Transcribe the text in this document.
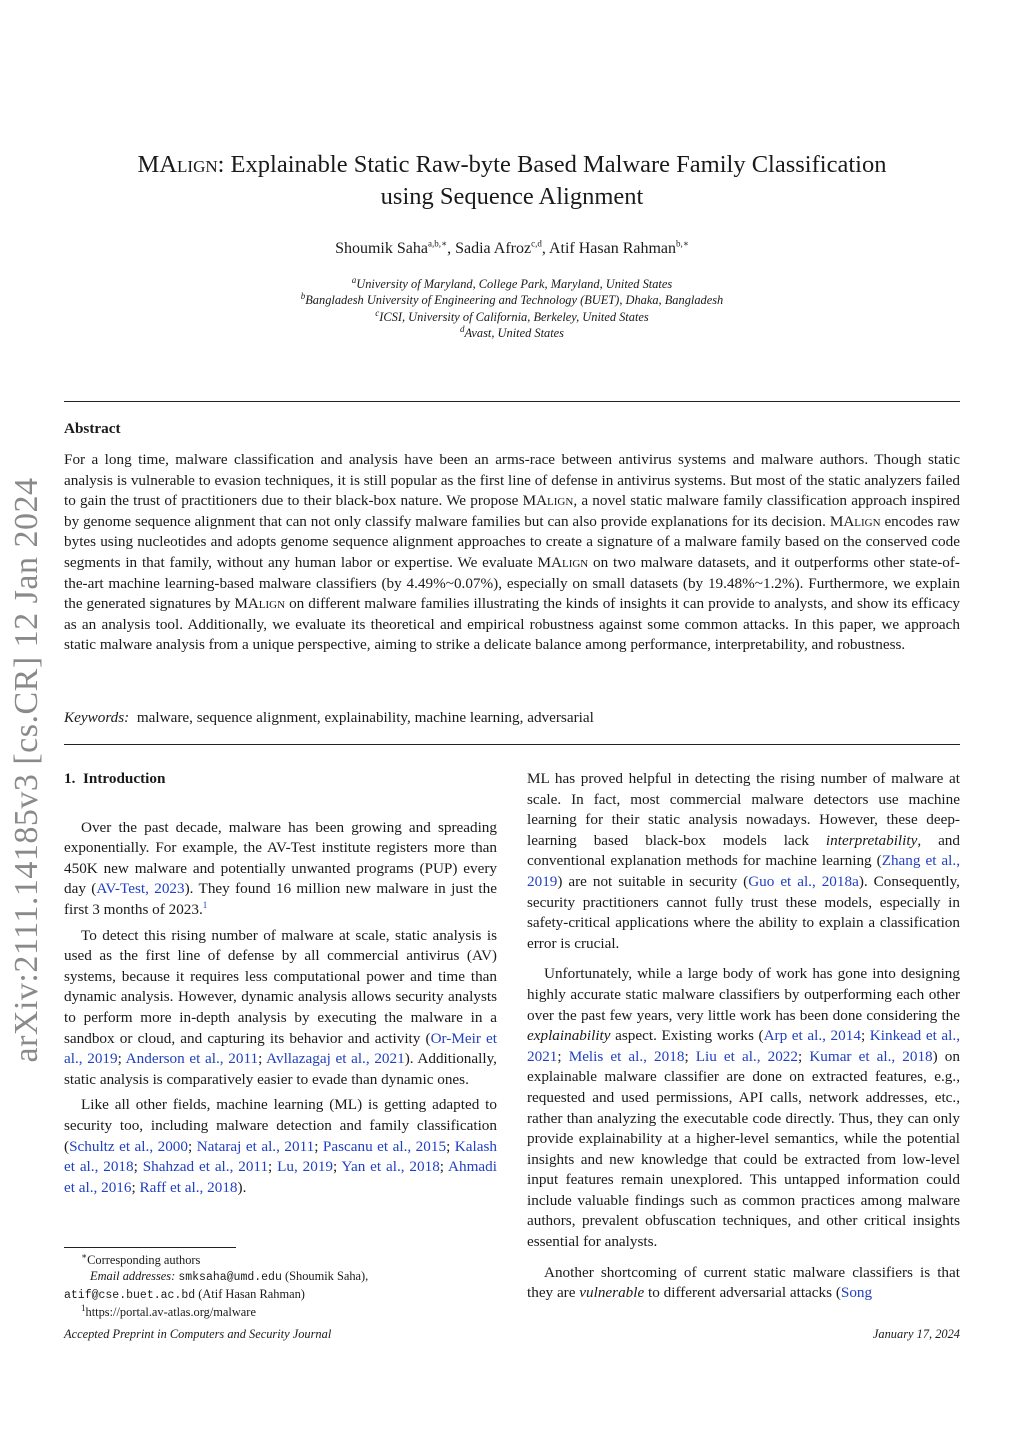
arXiv:2111.14185v3 [cs.CR] 12 Jan 2024
MAlign: Explainable Static Raw-byte Based Malware Family Classification
using Sequence Alignment
Shoumik Saha$^{a,b,∗}$, Sadia Afroz$^{c,d}$, Atif Hasan Rahman$^{b,∗}$
$^a$University of Maryland, College Park, Maryland, United States
$^b$Bangladesh University of Engineering and Technology (BUET), Dhaka, Bangladesh
$^c$ICSI, University of California, Berkeley, United States
$^d$Avast, United States
Abstract
For a long time, malware classification and analysis have been an arms-race between antivirus systems and malware authors. Though static analysis is vulnerable to evasion techniques, it is still popular as the first line of defense in antivirus systems. But most of the static analyzers failed to gain the trust of practitioners due to their black-box nature. We propose MAlign, a novel static malware family classification approach inspired by genome sequence alignment that can not only classify malware families but can also provide explanations for its decision. MAlign encodes raw bytes using nucleotides and adopts genome sequence alignment approaches to create a signature of a malware family based on the conserved code segments in that family, without any human labor or expertise. We evaluate MAlign on two malware datasets, and it outperforms other state-of-the-art machine learning-based malware classifiers (by 4.49%~0.07%), especially on small datasets (by 19.48%~1.2%). Furthermore, we explain the generated signatures by MAlign on different malware families illustrating the kinds of insights it can provide to analysts, and show its efficacy as an analysis tool. Additionally, we evaluate its theoretical and empirical robustness against some common attacks. In this paper, we approach static malware analysis from a unique perspective, aiming to strike a delicate balance among performance, interpretability, and robustness.
Keywords: malware, sequence alignment, explainability, machine learning, adversarial
1. Introduction

Over the past decade, malware has been growing and spreading exponentially. For example, the AV-Test institute registers more than 450K new malware and potentially unwanted programs (PUP) every day (AV-Test, 2023). They found 16 million new malware in just the first 3 months of 2023.$^1$

To detect this rising number of malware at scale, static analysis is used as the first line of defense by all commercial antivirus (AV) systems, because it requires less computational power and time than dynamic analysis. However, dynamic analysis allows security analysts to perform more in-depth analysis by executing the malware in a sandbox or cloud, and capturing its behavior and activity (Or-Meir et al., 2019; Anderson et al., 2011; Avllazagaj et al., 2021). Additionally, static analysis is comparatively easier to evade than dynamic ones.

Like all other fields, machine learning (ML) is getting adapted to security too, including malware detection and family classification (Schultz et al., 2000; Nataraj et al., 2011; Pascanu et al., 2015; Kalash et al., 2018; Shahzad et al., 2011; Lu, 2019; Yan et al., 2018; Ahmadi et al., 2016; Raff et al., 2018).

ML has proved helpful in detecting the rising number of malware at scale. In fact, most commercial malware detectors use machine learning for their static analysis nowadays. However, these deep-learning based black-box models lack interpretability, and conventional explanation methods for machine learning (Zhang et al., 2019) are not suitable in security (Guo et al., 2018a). Consequently, security practitioners cannot fully trust these models, especially in safety-critical applications where the ability to explain a classification error is crucial.

Unfortunately, while a large body of work has gone into designing highly accurate static malware classifiers by outperforming each other over the past few years, very little work has been done considering the explainability aspect. Existing works (Arp et al., 2014; Kinkead et al., 2021; Melis et al., 2018; Liu et al., 2022; Kumar et al., 2018) on explainable malware classifier are done on extracted features, e.g., requested and used permissions, API calls, network addresses, etc., rather than analyzing the executable code directly. Thus, they can only provide explainability at a higher-level semantics, while the potential insights and new knowledge that could be extracted from low-level input features remain unexplored. This untapped information could include valuable findings such as common practices among malware authors, prevalent obfuscation techniques, and other critical insights essential for analysts.

Another shortcoming of current static malware classifiers is that they are vulnerable to different adversarial attacks (Song

∗Corresponding authors
Email addresses: smksaha@umd.edu (Shoumik Saha),
atif@cse.buet.ac.bd (Atif Hasan Rahman)
$^1$https://portal.av-atlas.org/malware
Accepted Preprint in Computers and Security Journal	January 17, 2024
